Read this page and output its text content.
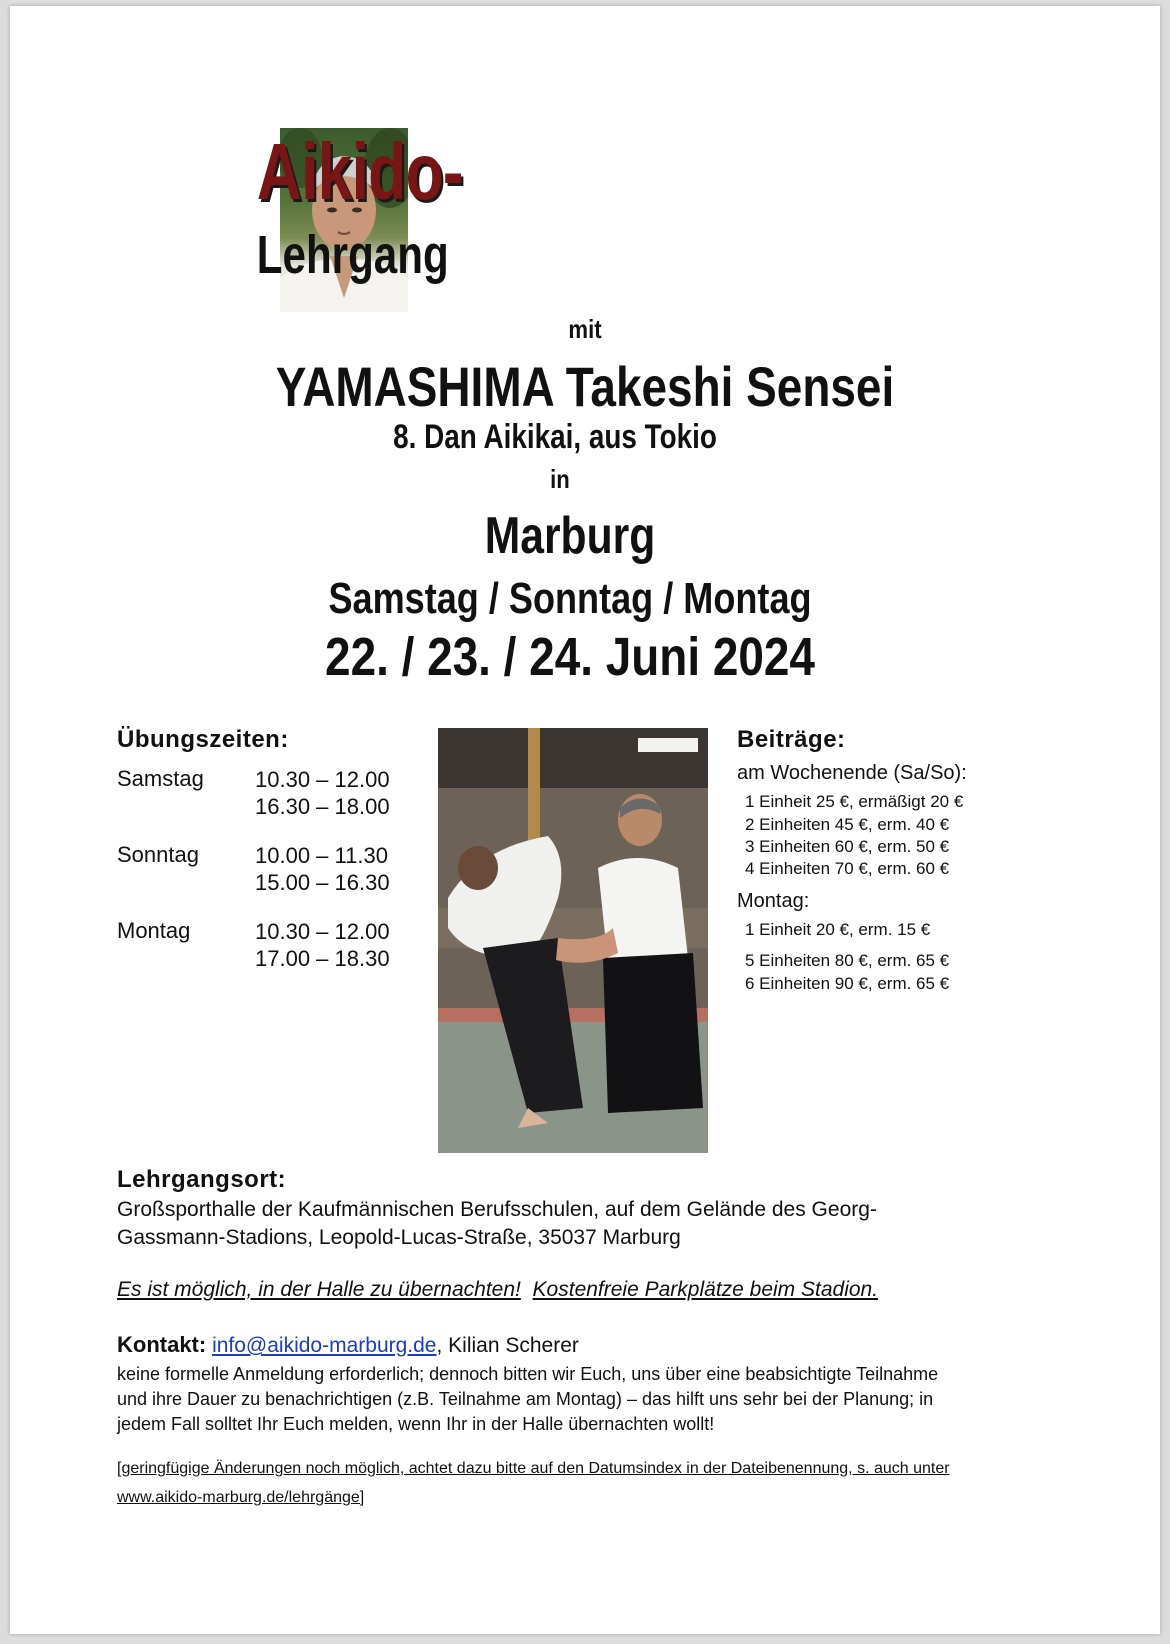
Aikido-
Lehrgang
mit
YAMASHIMA Takeshi Sensei
8. Dan Aikikai, aus Tokio
in
Marburg
Samstag / Sonntag / Montag
22. / 23. / 24. Juni 2024
Übungszeiten:
Samstag	10.30 – 12.00
16.30 – 18.00
Sonntag	10.00 – 11.30
15.00 – 16.30
Montag	10.30 – 12.00
17.00 – 18.30
Beiträge:
am Wochenende (Sa/So):
1 Einheit 25 €, ermäßigt 20 €
2 Einheiten 45 €, erm. 40 €
3 Einheiten 60 €, erm. 50 €
4 Einheiten 70 €, erm. 60 €
Montag:
1 Einheit 20 €, erm. 15 €
5 Einheiten 80 €, erm. 65 €
6 Einheiten 90 €, erm. 65 €
Lehrgangsort:
Großsporthalle der Kaufmännischen Berufsschulen, auf dem Gelände des Georg-
Gassmann-Stadions, Leopold-Lucas-Straße, 35037 Marburg
Es ist möglich, in der Halle zu übernachten! Kostenfreie Parkplätze beim Stadion.
Kontakt: info@aikido-marburg.de, Kilian Scherer
keine formelle Anmeldung erforderlich; dennoch bitten wir Euch, uns über eine beabsichtigte Teilnahme
und ihre Dauer zu benachrichtigen (z.B. Teilnahme am Montag) – das hilft uns sehr bei der Planung; in
jedem Fall solltet Ihr Euch melden, wenn Ihr in der Halle übernachten wollt!
[geringfügige Änderungen noch möglich, achtet dazu bitte auf den Datumsindex in der Dateibenennung, s. auch unter
www.aikido-marburg.de/lehrgänge]
